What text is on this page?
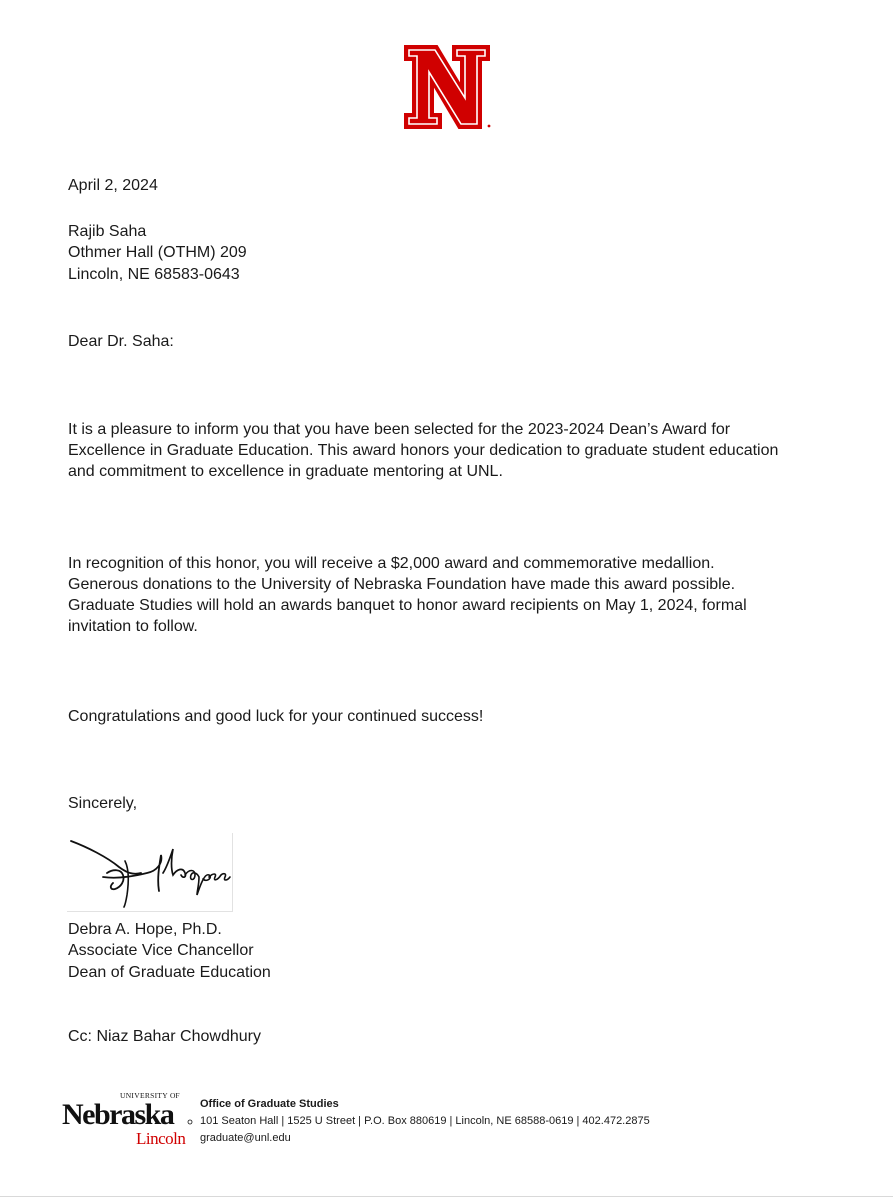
April 2, 2024
Rajib Saha
Othmer Hall (OTHM) 209
Lincoln, NE 68583-0643
Dear Dr. Saha:

It is a pleasure to inform you that you have been selected for the 2023-2024 Dean’s Award for
Excellence in Graduate Education. This award honors your dedication to graduate student education
and commitment to excellence in graduate mentoring at UNL.

In recognition of this honor, you will receive a $2,000 award and commemorative medallion.
Generous donations to the University of Nebraska Foundation have made this award possible.
Graduate Studies will hold an awards banquet to honor award recipients on May 1, 2024, formal
invitation to follow.

Congratulations and good luck for your continued success!

Sincerely,
Debra A. Hope, Ph.D.
Associate Vice Chancellor
Dean of Graduate Education
Cc: Niaz Bahar Chowdhury
UNIVERSITY OF
Nebraska
Lincoln
Office of Graduate Studies
101 Seaton Hall | 1525 U Street | P.O. Box 880619 | Lincoln, NE 68588-0619 | 402.472.2875
graduate@unl.edu
